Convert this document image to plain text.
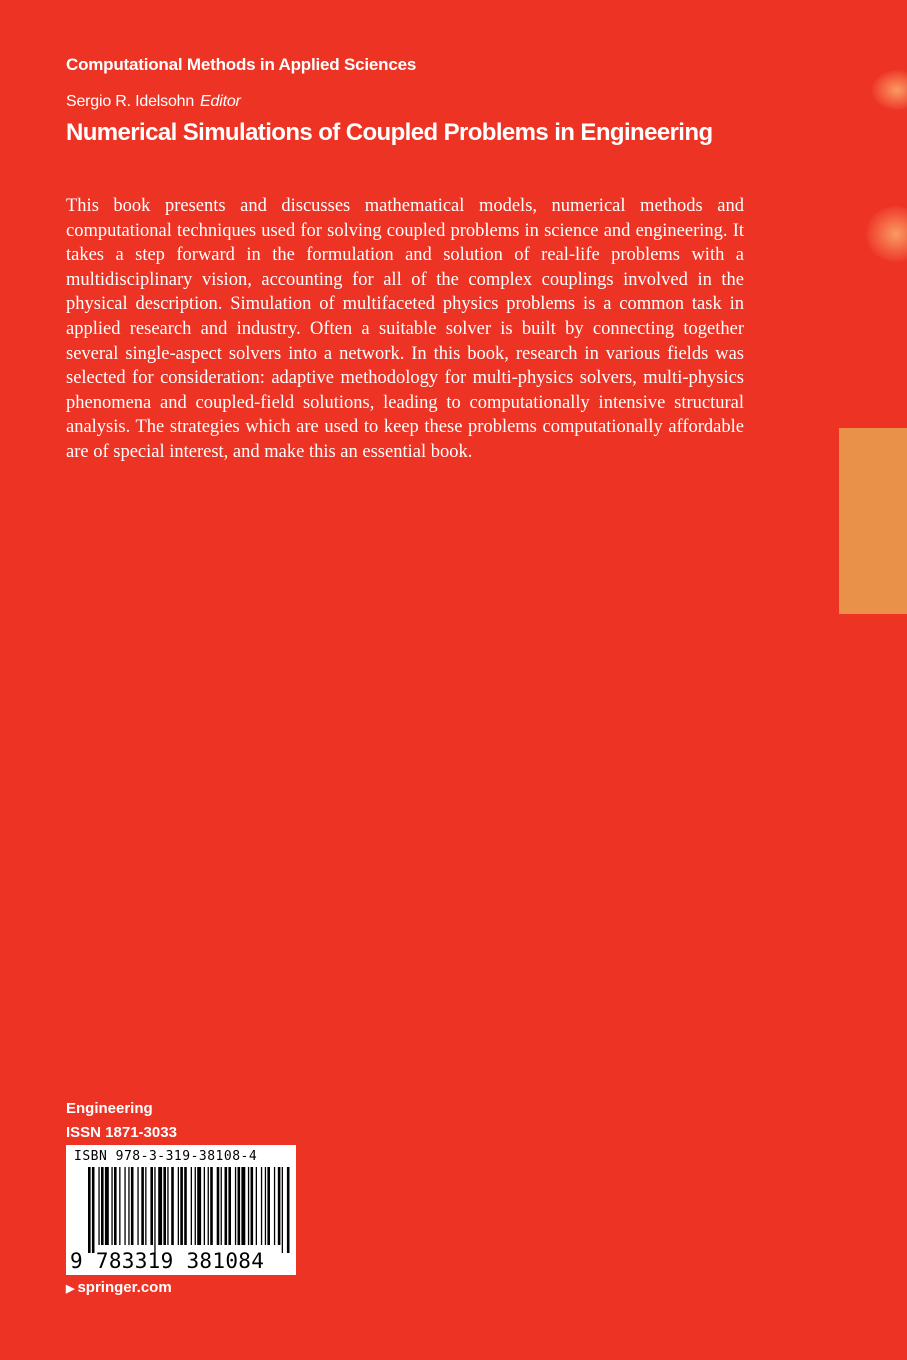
Computational Methods in Applied Sciences
Sergio R. Idelsohn Editor
Numerical Simulations of Coupled Problems in Engineering

This book presents and discusses mathematical models, numerical methods and computational techniques used for solving coupled problems in science and engineering. It takes a step forward in the formulation and solution of real-life problems with a multidisciplinary vision, accounting for all of the complex couplings involved in the physical description. Simulation of multifaceted physics problems is a common task in applied research and industry. Often a suitable solver is built by connecting together several single-aspect solvers into a network. In this book, research in various fields was selected for consideration: adaptive methodology for multi-physics solvers, multi-physics phenomena and coupled-field solutions, leading to computationally intensive structural analysis. The strategies which are used to keep these problems computationally affordable are of special interest, and make this an essential book.

Engineering
ISSN 1871-3033
ISBN 978-3-319-38108-4
9 783319 381084
▶ springer.com
